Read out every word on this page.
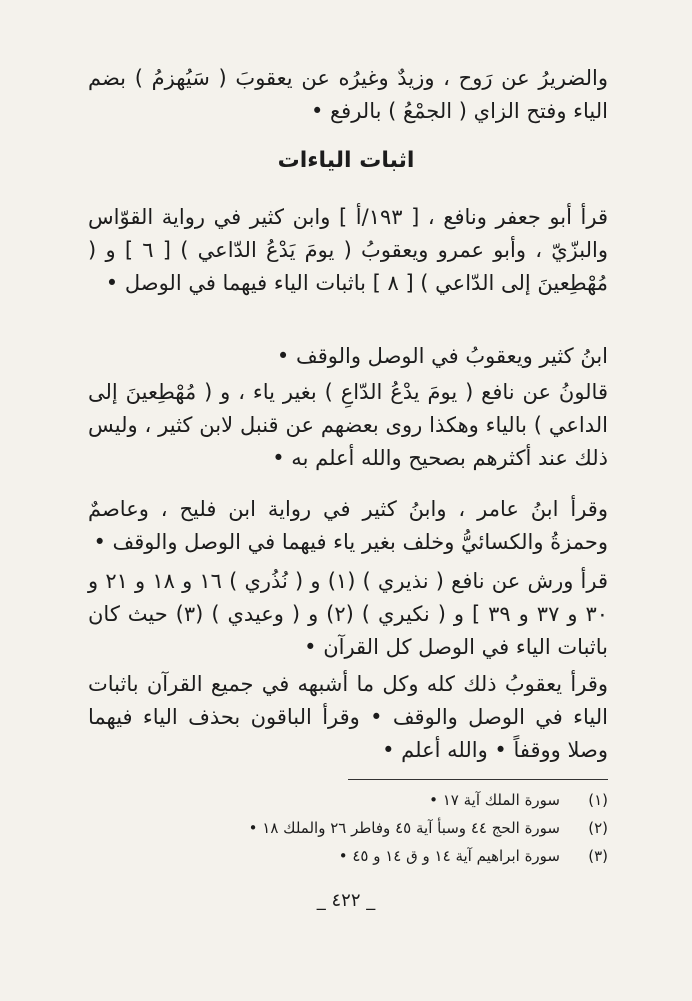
والضريرُ عن رَوح ، وزيدٌ وغيرُه عن يعقوبَ ( سَيُهزمُ ) بضم الياء وفتح الزاي ( الجمْعُ ) بالرفع •

اثبات الياءات

قرأ أبو جعفر ونافع ، [ ١٩٣/أ ] وابن كثير في رواية القوّاس والبزّيّ ، وأبو عمرو ويعقوبُ ( يومَ يَدْعُ الدّاعي ) [ ٦ ] و ( مُهْطِعينَ إلى الدّاعي ) [ ٨ ] باثبات الياء فيهما في الوصل •

ابنُ كثير ويعقوبُ في الوصل والوقف •

قالونُ عن نافع ( يومَ يدْعُ الدّاعِ ) بغير ياء ، و ( مُهْطِعينَ إلى الداعي ) بالياء وهكذا روى بعضهم عن قنبل لابن كثير ، وليس ذلك عند أكثرهم بصحيح والله أعلم به •

وقرأ ابنُ عامر ، وابنُ كثير في رواية ابن فليح ، وعاصمٌ وحمزةُ والكسائيُّ وخلف بغير ياء فيهما في الوصل والوقف •

قرأ ورش عن نافع ( نذيري ) (١) و ( نُذُري ) ١٦ و ١٨ و ٢١ و ٣٠ و ٣٧ و ٣٩ ] و ( نكيري ) (٢) و ( وعيدي ) (٣) حيث كان باثبات الياء في الوصل كل القرآن •

وقرأ يعقوبُ ذلك كله وكل ما أشبهه في جميع القرآن باثبات الياء في الوصل والوقف • وقرأ الباقون بحذف الياء فيهما وصلا ووقفاً • والله أعلم •

(١)
سورة الملك آية ١٧ •
(٢)
سورة الحج ٤٤ وسبأ آية ٤٥ وفاطر ٢٦ والملك ١٨ •
(٣)
سورة ابراهيم آية ١٤ و ق ١٤ و ٤٥ •
_ ٤٢٢ _
